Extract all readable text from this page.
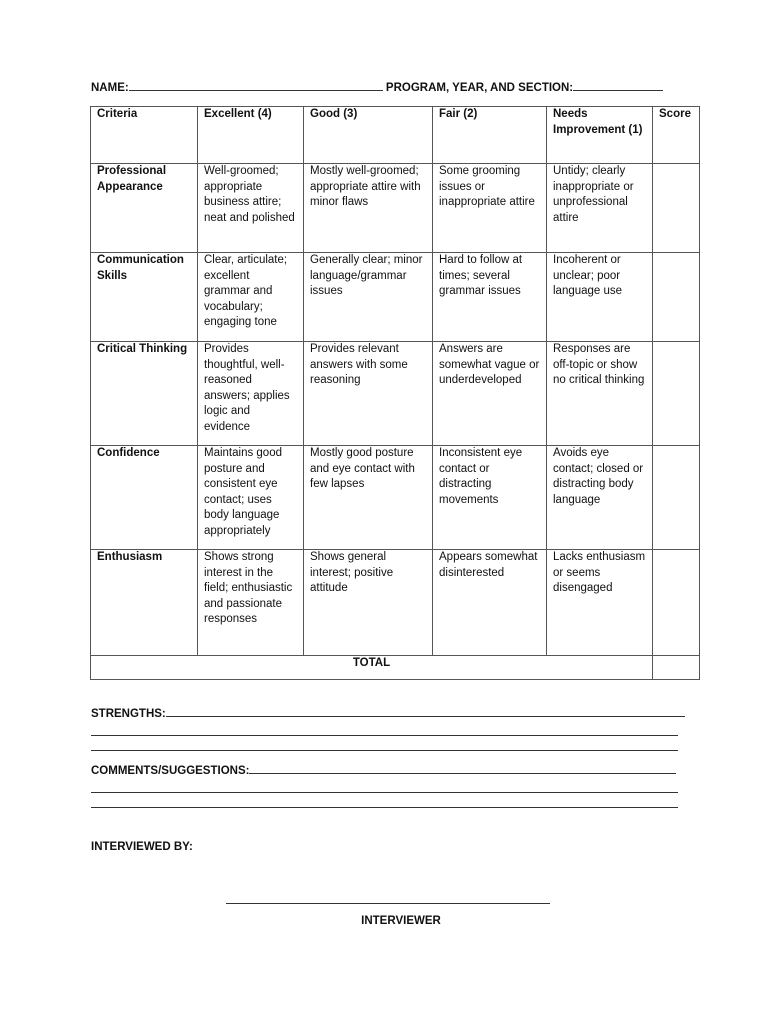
NAME:	PROGRAM, YEAR, AND SECTION:
Criteria	Excellent (4)	Good (3)	Fair (2)	Needs Improvement (1)	Score
Professional Appearance	Well-groomed; appropriate business attire; neat and polished	Mostly well-groomed; appropriate attire with minor flaws	Some grooming issues or inappropriate attire	Untidy; clearly inappropriate or unprofessional attire	
Communication Skills	Clear, articulate; excellent grammar and vocabulary; engaging tone	Generally clear; minor language/grammar issues	Hard to follow at times; several grammar issues	Incoherent or unclear; poor language use	
Critical Thinking	Provides thoughtful, well-reasoned answers; applies logic and evidence	Provides relevant answers with some reasoning	Answers are somewhat vague or underdeveloped	Responses are off-topic or show no critical thinking	
Confidence	Maintains good posture and consistent eye contact; uses body language appropriately	Mostly good posture and eye contact with few lapses	Inconsistent eye contact or distracting movements	Avoids eye contact; closed or distracting body language	
Enthusiasm	Shows strong interest in the field; enthusiastic and passionate responses	Shows general interest; positive attitude	Appears somewhat disinterested	Lacks enthusiasm or seems disengaged	
TOTAL					
STRENGTHS:
COMMENTS/SUGGESTIONS:
INTERVIEWED BY:
INTERVIEWER
